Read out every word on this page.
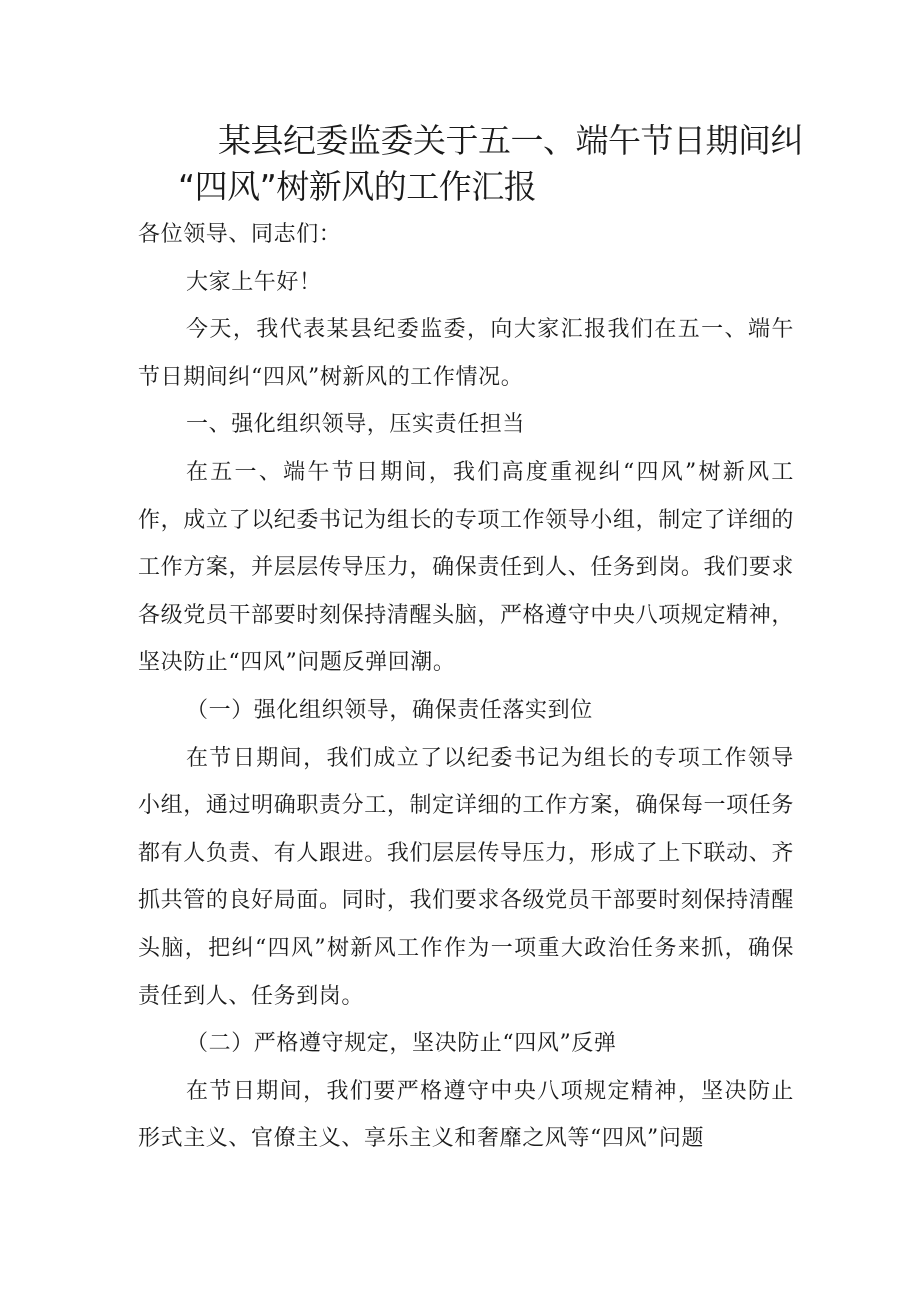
某县纪委监委关于五一、端午节日期间纠
“四风”树新风的工作汇报

各位领导、同志们：

大家上午好！

今天，我代表某县纪委监委，向大家汇报我们在五一、端午节日期间纠“四风”树新风的工作情况。

一、强化组织领导，压实责任担当

在五一、端午节日期间，我们高度重视纠“四风”树新风工作，成立了以纪委书记为组长的专项工作领导小组，制定了详细的工作方案，并层层传导压力，确保责任到人、任务到岗。我们要求各级党员干部要时刻保持清醒头脑，严格遵守中央八项规定精神，坚决防止“四风”问题反弹回潮。

（一）强化组织领导，确保责任落实到位

在节日期间，我们成立了以纪委书记为组长的专项工作领导小组，通过明确职责分工，制定详细的工作方案，确保每一项任务都有人负责、有人跟进。我们层层传导压力，形成了上下联动、齐抓共管的良好局面。同时，我们要求各级党员干部要时刻保持清醒头脑，把纠“四风”树新风工作作为一项重大政治任务来抓，确保责任到人、任务到岗。

（二）严格遵守规定，坚决防止“四风”反弹

在节日期间，我们要严格遵守中央八项规定精神，坚决防止形式主义、官僚主义、享乐主义和奢靡之风等“四风”问题
